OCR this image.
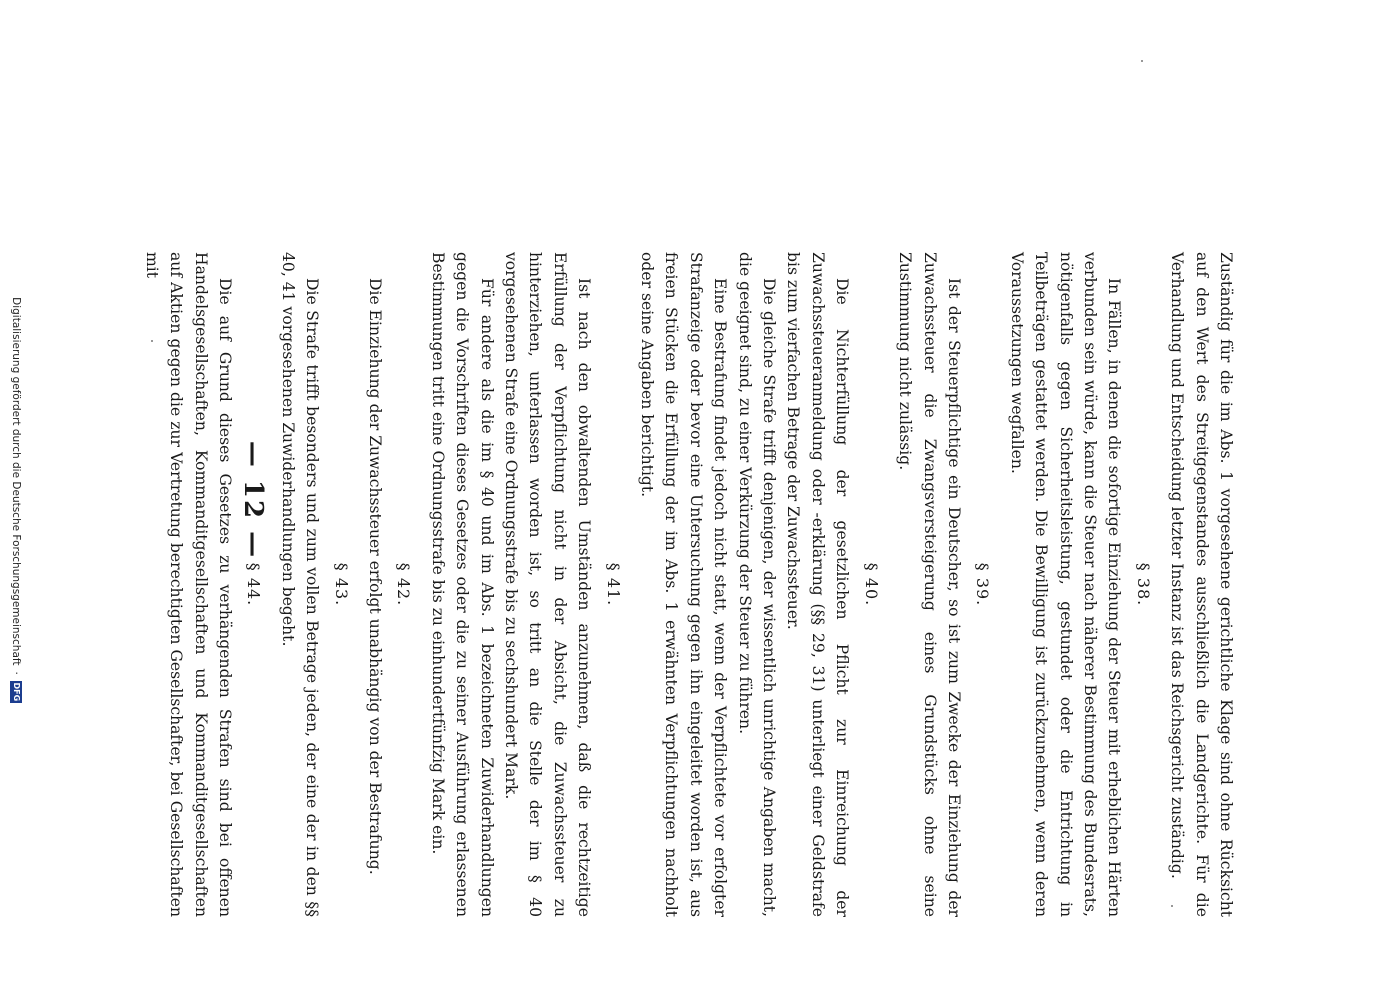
— 12 —	Zuständig für die im Abs. 1 vorgesehene gerichtliche Klage sind ohne Rücksicht auf den Wert des Streitgegenstandes ausschließlich die Landgerichte. Für die Verhandlung und Entscheidung letzter Instanz ist das Reichsgericht zuständig.

§ 38.

In Fällen, in denen die sofortige Einziehung der Steuer mit erheblichen Härten verbunden sein würde, kann die Steuer nach näherer Bestimmung des Bundesrats, nötigenfalls gegen Sicherheitsleistung, gestundet oder die Entrichtung in Teilbeträgen gestattet werden. Die Bewilligung ist zurückzunehmen, wenn deren Voraussetzungen wegfallen.

§ 39.

Ist der Steuerpflichtige ein Deutscher, so ist zum Zwecke der Einziehung der Zuwachssteuer die Zwangsversteigerung eines Grundstücks ohne seine Zustimmung nicht zulässig.

§ 40.

Die Nichterfüllung der gesetzlichen Pflicht zur Einreichung der Zuwachssteueranmeldung oder -erklärung (§§ 29, 31) unterliegt einer Geldstrafe bis zum vierfachen Betrage der Zuwachssteuer.

Die gleiche Strafe trifft denjenigen, der wissentlich unrichtige Angaben macht, die geeignet sind, zu einer Verkürzung der Steuer zu führen.

Eine Bestrafung findet jedoch nicht statt, wenn der Verpflichtete vor erfolgter Strafanzeige oder bevor eine Untersuchung gegen ihn eingeleitet worden ist, aus freien Stücken die Erfüllung der im Abs. 1 erwähnten Verpflichtungen nachholt oder seine Angaben berichtigt.

§ 41.

Ist nach den obwaltenden Umständen anzunehmen, daß die rechtzeitige Erfüllung der Verpflichtung nicht in der Absicht, die Zuwachssteuer zu hinterziehen, unterlassen worden ist, so tritt an die Stelle der im § 40 vorgesehenen Strafe eine Ordnungsstrafe bis zu sechshundert Mark.

Für andere als die im § 40 und im Abs. 1 bezeichneten Zuwiderhandlungen gegen die Vorschriften dieses Gesetzes oder die zu seiner Ausführung erlassenen Bestimmungen tritt eine Ordnungsstrafe bis zu einhundertfünfzig Mark ein.

§ 42.

Die Einziehung der Zuwachssteuer erfolgt unabhängig von der Bestrafung.

§ 43.

Die Strafe trifft besonders und zum vollen Betrage jeden, der eine der in den §§ 40, 41 vorgesehenen Zuwiderhandlungen begeht.

§ 44.

Die auf Grund dieses Gesetzes zu verhängenden Strafen sind bei offenen Handelsgesellschaften, Kommanditgesellschaften und Kommanditgesellschaften auf Aktien gegen die zur Vertretung berechtigten Gesellschafter, bei Gesellschaften mit

Digitalisierung gefördert durch die Deutsche Forschungsgemeinschaft
·
DFG
